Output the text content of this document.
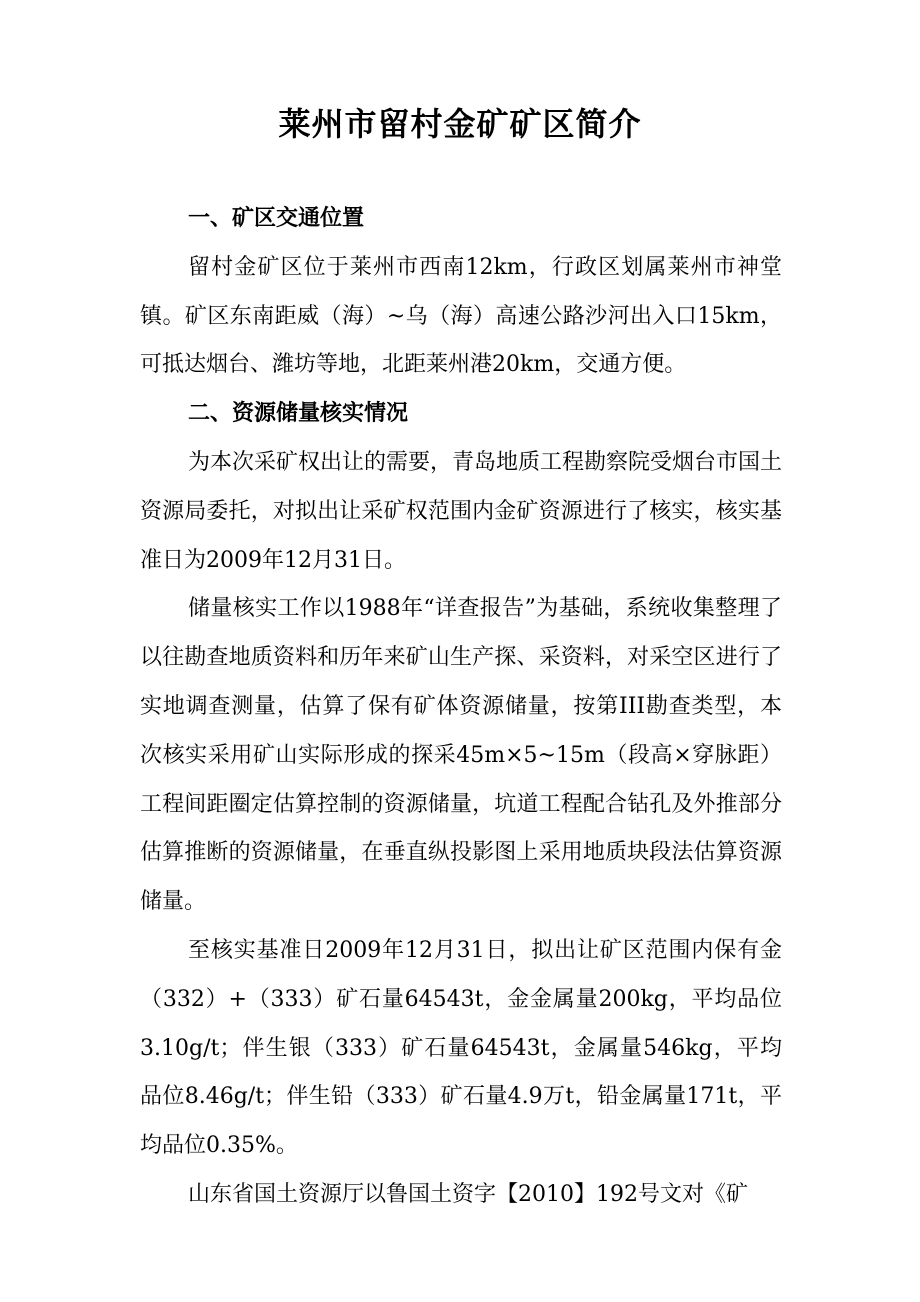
莱州市留村金矿矿区简介
一、矿区交通位置

留村金矿区位于莱州市西南12km，行政区划属莱州市神堂镇。矿区东南距威（海）~乌（海）高速公路沙河出入口15km，可抵达烟台、潍坊等地，北距莱州港20km，交通方便。

二、资源储量核实情况

为本次采矿权出让的需要，青岛地质工程勘察院受烟台市国土资源局委托，对拟出让采矿权范围内金矿资源进行了核实，核实基准日为2009年12月31日。

储量核实工作以1988年“详查报告”为基础，系统收集整理了以往勘查地质资料和历年来矿山生产探、采资料，对采空区进行了实地调查测量，估算了保有矿体资源储量，按第III勘查类型，本次核实采用矿山实际形成的探采45m×5~15m（段高×穿脉距）工程间距圈定估算控制的资源储量，坑道工程配合钻孔及外推部分估算推断的资源储量，在垂直纵投影图上采用地质块段法估算资源储量。

至核实基准日2009年12月31日，拟出让矿区范围内保有金（332）+（333）矿石量64543t，金金属量200kg，平均品位3.10g/t；伴生银（333）矿石量64543t，金属量546kg，平均品位8.46g/t；伴生铅（333）矿石量4.9万t，铅金属量171t，平均品位0.35%。

山东省国土资源厅以鲁国土资字【2010】192号文对《矿
